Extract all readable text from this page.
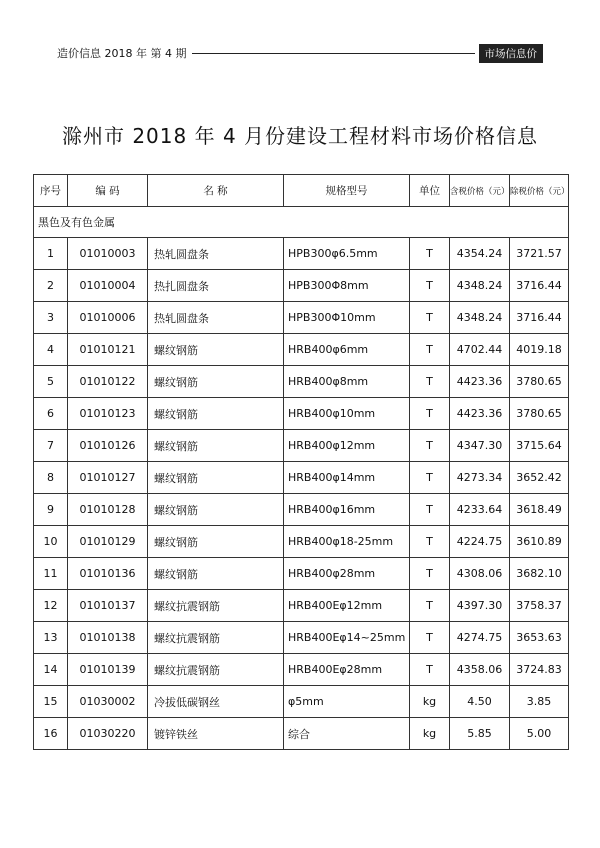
造价信息 2018 年 第 4 期	市场信息价
滁州市 2018 年 4 月份建设工程材料市场价格信息
序号	编 码	名 称	规格型号	单位	含税价格（元）	除税价格（元）
黑色及有色金属						
1	01010003	热轧圆盘条	HPB300φ6.5mm	T	4354.24	3721.57
2	01010004	热扎圆盘条	HPB300Φ8mm	T	4348.24	3716.44
3	01010006	热轧圆盘条	HPB300Φ10mm	T	4348.24	3716.44
4	01010121	螺纹钢筋	HRB400φ6mm	T	4702.44	4019.18
5	01010122	螺纹钢筋	HRB400φ8mm	T	4423.36	3780.65
6	01010123	螺纹钢筋	HRB400φ10mm	T	4423.36	3780.65
7	01010126	螺纹钢筋	HRB400φ12mm	T	4347.30	3715.64
8	01010127	螺纹钢筋	HRB400φ14mm	T	4273.34	3652.42
9	01010128	螺纹钢筋	HRB400φ16mm	T	4233.64	3618.49
10	01010129	螺纹钢筋	HRB400φ18-25mm	T	4224.75	3610.89
11	01010136	螺纹钢筋	HRB400φ28mm	T	4308.06	3682.10
12	01010137	螺纹抗震钢筋	HRB400Eφ12mm	T	4397.30	3758.37
13	01010138	螺纹抗震钢筋	HRB400Eφ14~25mm	T	4274.75	3653.63
14	01010139	螺纹抗震钢筋	HRB400Eφ28mm	T	4358.06	3724.83
15	01030002	冷拔低碳钢丝	φ5mm	kg	4.50	3.85
16	01030220	镀锌铁丝	综合	kg	5.85	5.00
